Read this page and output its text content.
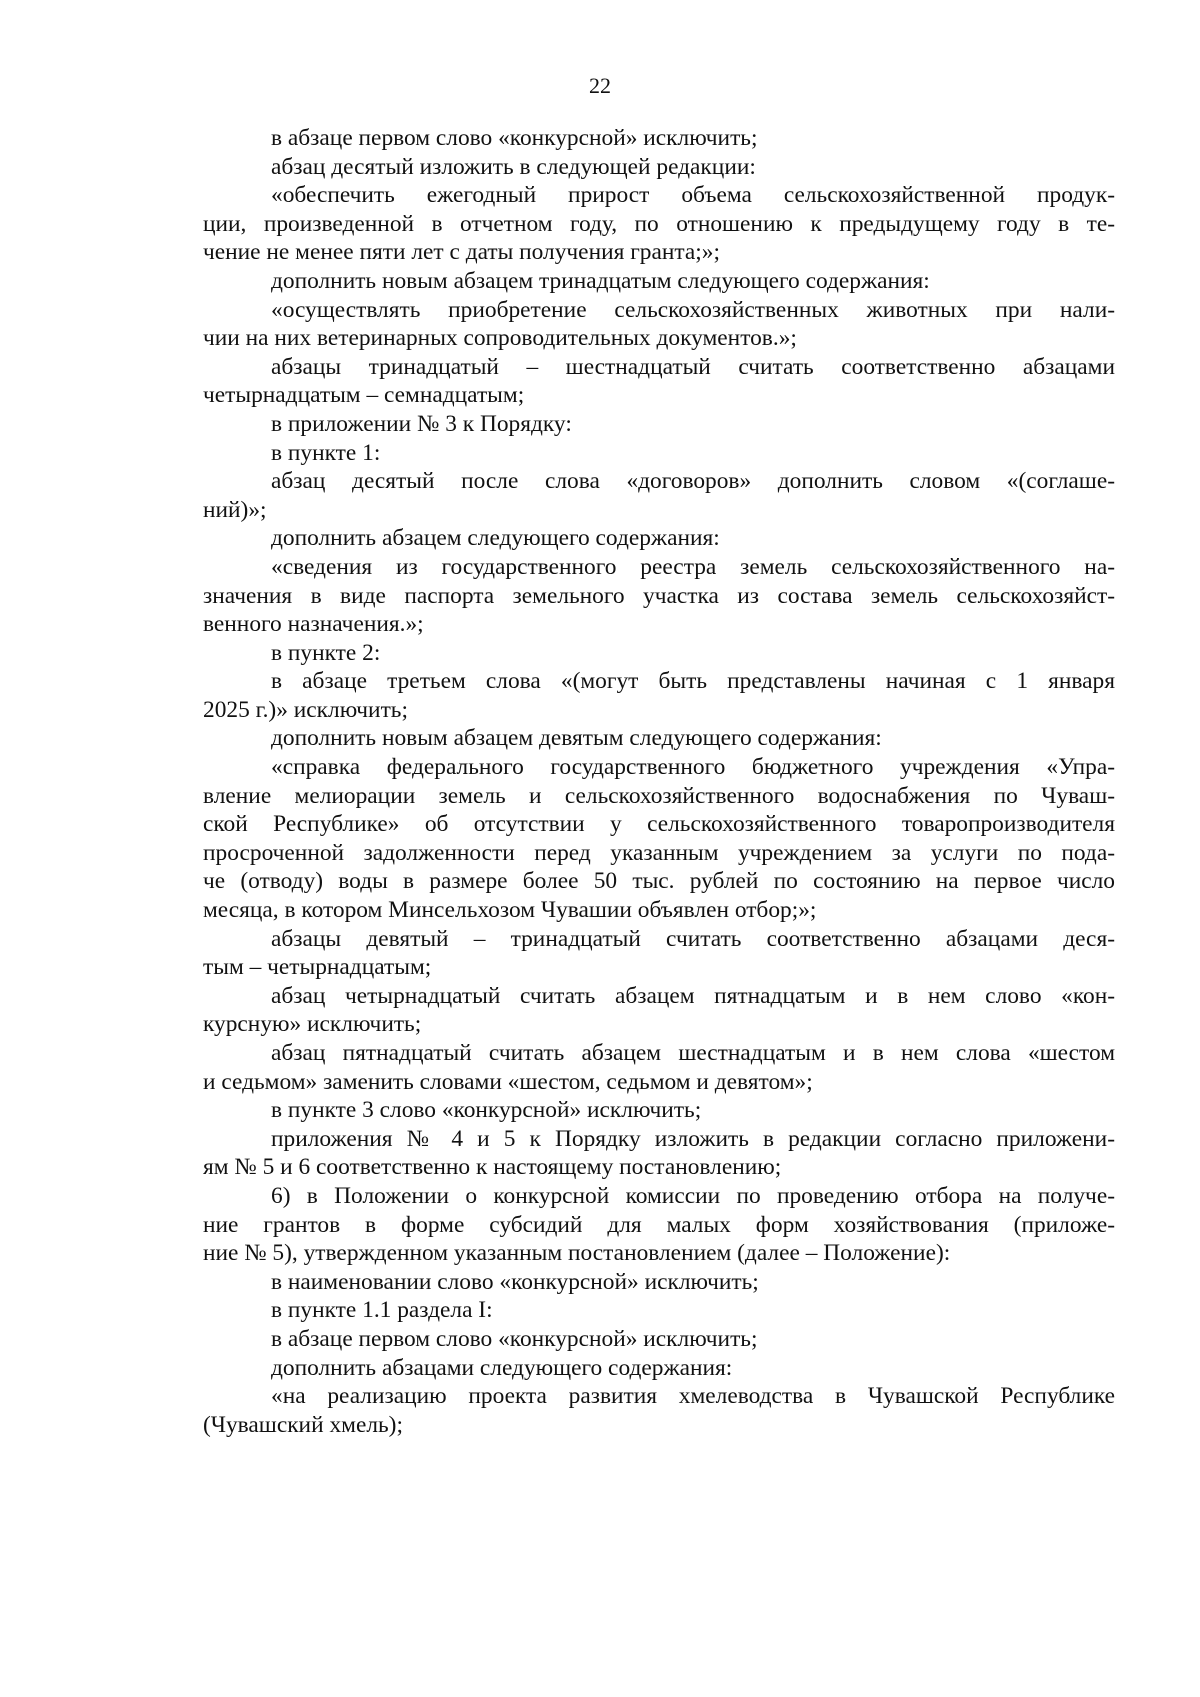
22
в абзаце первом слово «конкурсной» исключить;
абзац десятый изложить в следующей редакции:
«обеспечить ежегодный прирост объема сельскохозяйственной продук-
ции, произведенной в отчетном году, по отношению к предыдущему году в те-
чение не менее пяти лет с даты получения гранта;»;
дополнить новым абзацем тринадцатым следующего содержания:
«осуществлять приобретение сельскохозяйственных животных при нали-
чии на них ветеринарных сопроводительных документов.»;
абзацы тринадцатый – шестнадцатый считать соответственно абзацами
четырнадцатым – семнадцатым;
в приложении № 3 к Порядку:
в пункте 1:
абзац десятый после слова «договоров» дополнить словом «(соглаше-
ний)»;
дополнить абзацем следующего содержания:
«сведения из государственного реестра земель сельскохозяйственного на-
значения в виде паспорта земельного участка из состава земель сельскохозяйст-
венного назначения.»;
в пункте 2:
в абзаце третьем слова «(могут быть представлены начиная с 1 января
2025 г.)» исключить;
дополнить новым абзацем девятым следующего содержания:
«справка федерального государственного бюджетного учреждения «Упра-
вление мелиорации земель и сельскохозяйственного водоснабжения по Чуваш-
ской Республике» об отсутствии у сельскохозяйственного товаропроизводителя
просроченной задолженности перед указанным учреждением за услуги по пода-
че (отводу) воды в размере более 50 тыс. рублей по состоянию на первое число
месяца, в котором Минсельхозом Чувашии объявлен отбор;»;
абзацы девятый – тринадцатый считать соответственно абзацами деся-
тым – четырнадцатым;
абзац четырнадцатый считать абзацем пятнадцатым и в нем слово «кон-
курсную» исключить;
абзац пятнадцатый считать абзацем шестнадцатым и в нем слова «шестом
и седьмом» заменить словами «шестом, седьмом и девятом»;
в пункте 3 слово «конкурсной» исключить;
приложения № 4 и 5 к Порядку изложить в редакции согласно приложени-
ям № 5 и 6 соответственно к настоящему постановлению;
6) в Положении о конкурсной комиссии по проведению отбора на получе-
ние грантов в форме субсидий для малых форм хозяйствования (приложе-
ние № 5), утвержденном указанным постановлением (далее – Положение):
в наименовании слово «конкурсной» исключить;
в пункте 1.1 раздела I:
в абзаце первом слово «конкурсной» исключить;
дополнить абзацами следующего содержания:
«на реализацию проекта развития хмелеводства в Чувашской Республике
(Чувашский хмель);
